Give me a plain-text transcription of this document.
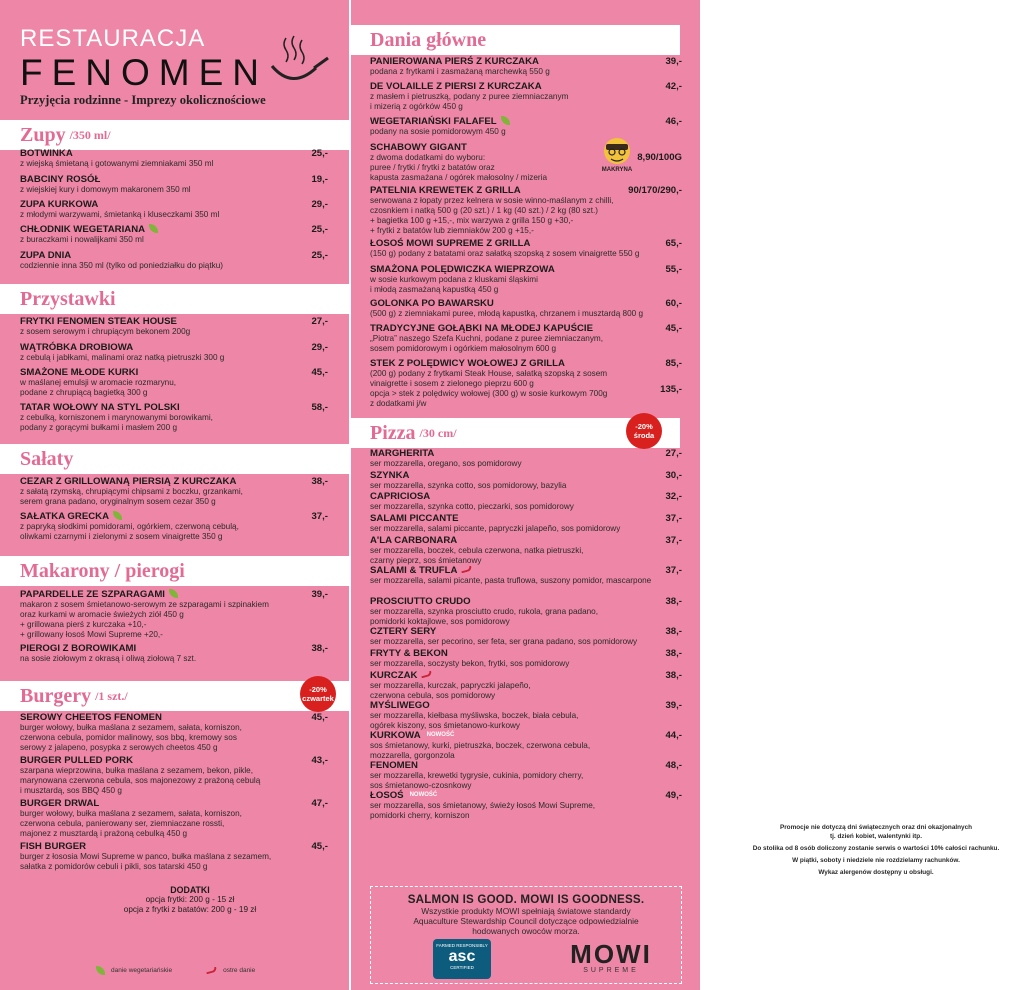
RESTAURACJA
FENOMEN
Przyjęcia rodzinne - Imprezy okolicznościowe
Zupy /350 ml/
BOTWINKA
z wiejską śmietaną i gotowanymi ziemniakami 350 ml
25,-
BABCINY ROSÓŁ
z wiejskiej kury i domowym makaronem 350 ml
19,-
ZUPA KURKOWA
z młodymi warzywami, śmietanką i kluseczkami 350 ml
29,-
CHŁODNIK WEGETARIANA
z buraczkami i nowalijkami 350 ml
25,-
ZUPA DNIA
codziennie inna 350 ml (tylko od poniedziałku do piątku)
25,-
Przystawki
FRYTKI FENOMEN STEAK HOUSE
z sosem serowym i chrupiącym bekonem 200g
27,-
WĄTRÓBKA DROBIOWA
z cebulą i jabłkami, malinami oraz natką pietruszki 300 g
29,-
SMAŻONE MŁODE KURKI
w maślanej emulsji w aromacie rozmarynu,
podane z chrupiącą bagietką 300 g
45,-
TATAR WOŁOWY NA STYL POLSKI
z cebulką, korniszonem i marynowanymi borowikami,
podany z gorącymi bułkami i masłem 200 g
58,-
Sałaty
CEZAR Z GRILLOWANĄ PIERSIĄ Z KURCZAKA
z sałatą rzymską, chrupiącymi chipsami z boczku, grzankami,
serem grana padano, oryginalnym sosem cezar 350 g
38,-
SAŁATKA GRECKA
z papryką słodkimi pomidorami, ogórkiem, czerwoną cebulą,
oliwkami czarnymi i zielonymi z sosem vinaigrette 350 g
37,-
Makarony / pierogi
PAPARDELLE ZE SZPARAGAMI
makaron z sosem śmietanowo-serowym ze szparagami i szpinakiem
oraz kurkami w aromacie świeżych ziół 450 g
+ grillowana pierś z kurczaka +10,-
+ grillowany łosoś Mowi Supreme +20,-
39,-
PIEROGI Z BOROWIKAMI
na sosie ziołowym z okrasą i oliwą ziołową 7 szt.
38,-
Burgery /1 szt./	-20%
czwartek
SEROWY CHEETOS FENOMEN
burger wołowy, bułka maślana z sezamem, sałata, korniszon,
czerwona cebula, pomidor malinowy, sos bbq, kremowy sos
serowy z jalapeno, posypka z serowych cheetos 450 g
45,-
BURGER PULLED PORK
szarpana wieprzowina, bułka maślana z sezamem, bekon, pikle,
marynowana czerwona cebula, sos majonezowy z prażoną cebulą
i musztardą, sos BBQ 450 g
43,-
BURGER DRWAL
burger wołowy, bułka maślana z sezamem, sałata, korniszon,
czerwona cebula, panierowany ser, ziemniaczane rossti,
majonez z musztardą i prażoną cebulką 450 g
47,-
FISH BURGER
burger z łososia Mowi Supreme w panco, bułka maślana z sezamem,
sałatka z pomidorów cebuli i pikli, sos tatarski 450 g
45,-
DODATKI
opcja frytki: 200 g - 15 zł
opcja z frytki z batatów: 200 g - 19 zł
danie wegetariańskie	ostre danie
Dania główne
PANIEROWANA PIERŚ Z KURCZAKA
podana z frytkami i zasmażaną marchewką 550 g
39,-
DE VOLAILLE Z PIERSI Z KURCZAKA
z masłem i pietruszką, podany z puree ziemniaczanym
i mizerią z ogórków 450 g
42,-
WEGETARIAŃSKI FALAFEL
podany na sosie pomidorowym 450 g
46,-
SCHABOWY GIGANT
z dwoma dodatkami do wyboru:
puree / frytki / frytki z batatów oraz
kapusta zasmażana / ogórek małosolny / mizeria
8,90/100G
MAKRYNA
PATELNIA KREWETEK Z GRILLA
serwowana z łopaty przez kelnera w sosie winno-maślanym z chilli,
czosnkiem i natką 500 g (20 szt.) / 1 kg (40 szt.) / 2 kg (80 szt.)
+ bagietka 100 g +15,-, mix warzywa z grilla 150 g +30,-
+ frytki z batatów lub ziemniaków 200 g +15,-
90/170/290,-
ŁOSOŚ MOWI SUPREME Z GRILLA
(150 g) podany z batatami oraz sałatką szopską z sosem vinaigrette 550 g
65,-
SMAŻONA POLĘDWICZKA WIEPRZOWA
w sosie kurkowym podana z kluskami śląskimi
i młodą zasmażaną kapustką 450 g
55,-
GOLONKA PO BAWARSKU
(500 g) z ziemniakami puree, młodą kapustką, chrzanem i musztardą 800 g
60,-
TRADYCYJNE GOŁĄBKI NA MŁODEJ KAPUŚCIE
„Piotra” naszego Szefa Kuchni, podane z puree ziemniaczanym,
sosem pomidorowym i ogórkiem małosolnym 600 g
45,-
STEK Z POLĘDWICY WOŁOWEJ Z GRILLA
(200 g) podany z frytkami Steak House, sałatką szopską z sosem
vinaigrette i sosem z zielonego pieprzu 600 g
opcja > stek z polędwicy wołowej (300 g) w sosie kurkowym 700g
z dodatkami j/w
85,-
135,-
Pizza /30 cm/	-20%
środa
MARGHERITA
ser mozzarella, oregano, sos pomidorowy
27,-
SZYNKA
ser mozzarella, szynka cotto, sos pomidorowy, bazylia
30,-
CAPRICIOSA
ser mozzarella, szynka cotto, pieczarki, sos pomidorowy
32,-
SALAMI PICCANTE
ser mozzarella, salami piccante, papryczki jalapeño, sos pomidorowy
37,-
A'LA CARBONARA
ser mozzarella, boczek, cebula czerwona, natka pietruszki,
czarny pieprz, sos śmietanowy
37,-
SALAMI & TRUFLA
ser mozzarella, salami picante, pasta truflowa, suszony pomidor, mascarpone
37,-
PROSCIUTTO CRUDO
ser mozzarella, szynka prosciutto crudo, rukola, grana padano,
pomidorki koktajlowe, sos pomidorowy
38,-
CZTERY SERY
ser mozzarella, ser pecorino, ser feta, ser grana padano, sos pomidorowy
38,-
FRYTY & BEKON
ser mozzarella, soczysty bekon, frytki, sos pomidorowy
38,-
KURCZAK
ser mozzarella, kurczak, papryczki jalapeño,
czerwona cebula, sos pomidorowy
38,-
MYŚLIWEGO
ser mozzarella, kiełbasa myśliwska, boczek, biała cebula,
ogórek kiszony, sos śmietanowo-kurkowy
39,-
KURKOWA NOWOŚĆ
sos śmietanowy, kurki, pietruszka, boczek, czerwona cebula,
mozzarella, gorgonzola
44,-
FENOMEN
ser mozzarella, krewetki tygrysie, cukinia, pomidory cherry,
sos śmietanowo-czosnkowy
48,-
ŁOSOŚ NOWOŚĆ
ser mozzarella, sos śmietanowy, świeży łosoś Mowi Supreme,
pomidorki cherry, korniszon
49,-
Promocje nie dotyczą dni świątecznych oraz dni okazjonalnych
tj. dzień kobiet, walentynki itp.
Do stolika od 8 osób doliczony zostanie serwis o wartości 10% całości rachunku.
W piątki, soboty i niedziele nie rozdzielamy rachunków.
Wykaz alergenów dostępny u obsługi.
SALMON IS GOOD. MOWI IS GOODNESS.
Wszystkie produkty MOWI spełniają światowe standardy
Aquaculture Stewardship Council dotyczące odpowiedzialnie
hodowanych owoców morza.
FARMED RESPONSIBLY
asc
CERTIFIED	MOWI
SUPREME
